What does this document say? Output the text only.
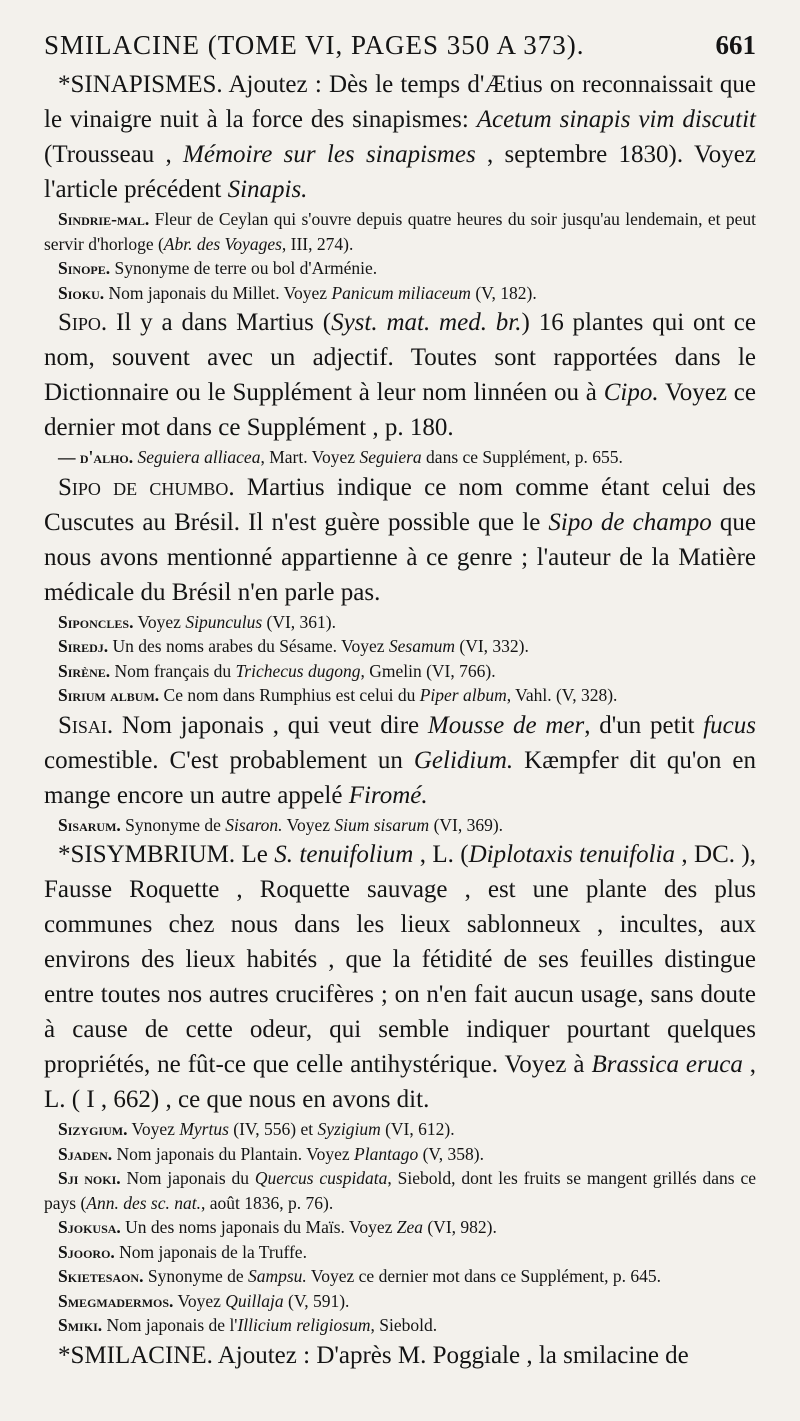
SMILACINE (TOME VI, PAGES 350 A 373).	661

*SINAPISMES. Ajoutez : Dès le temps d'Ætius on reconnaissait que le vinaigre nuit à la force des sinapismes: Acetum sinapis vim discutit (Trousseau , Mémoire sur les sinapismes , septembre 1830). Voyez l'article précédent Sinapis.

Sindrie-mal. Fleur de Ceylan qui s'ouvre depuis quatre heures du soir jusqu'au lendemain, et peut servir d'horloge (Abr. des Voyages, III, 274).

Sinope. Synonyme de terre ou bol d'Arménie.

Sioku. Nom japonais du Millet. Voyez Panicum miliaceum (V, 182).

Sipo. Il y a dans Martius (Syst. mat. med. br.) 16 plantes qui ont ce nom, souvent avec un adjectif. Toutes sont rapportées dans le Dictionnaire ou le Supplément à leur nom linnéen ou à Cipo. Voyez ce dernier mot dans ce Supplément , p. 180.

— d'alho. Seguiera alliacea, Mart. Voyez Seguiera dans ce Supplément, p. 655.

Sipo de chumbo. Martius indique ce nom comme étant celui des Cuscutes au Brésil. Il n'est guère possible que le Sipo de champo que nous avons mentionné appartienne à ce genre ; l'auteur de la Matière médicale du Brésil n'en parle pas.

Siponcles. Voyez Sipunculus (VI, 361).

Siredj. Un des noms arabes du Sésame. Voyez Sesamum (VI, 332).

Sirène. Nom français du Trichecus dugong, Gmelin (VI, 766).

Sirium album. Ce nom dans Rumphius est celui du Piper album, Vahl. (V, 328).

Sisai. Nom japonais , qui veut dire Mousse de mer, d'un petit fucus comestible. C'est probablement un Gelidium. Kæmpfer dit qu'on en mange encore un autre appelé Firomé.

Sisarum. Synonyme de Sisaron. Voyez Sium sisarum (VI, 369).

*SISYMBRIUM. Le S. tenuifolium , L. (Diplotaxis tenuifolia , DC. ), Fausse Roquette , Roquette sauvage , est une plante des plus communes chez nous dans les lieux sablonneux , incultes, aux environs des lieux habités , que la fétidité de ses feuilles distingue entre toutes nos autres crucifères ; on n'en fait aucun usage, sans doute à cause de cette odeur, qui semble indiquer pourtant quelques propriétés, ne fût-ce que celle antihystérique. Voyez à Brassica eruca , L. ( I , 662) , ce que nous en avons dit.

Sizygium. Voyez Myrtus (IV, 556) et Syzigium (VI, 612).

Sjaden. Nom japonais du Plantain. Voyez Plantago (V, 358).

Sji noki. Nom japonais du Quercus cuspidata, Siebold, dont les fruits se mangent grillés dans ce pays (Ann. des sc. nat., août 1836, p. 76).

Sjokusa. Un des noms japonais du Maïs. Voyez Zea (VI, 982).

Sjooro. Nom japonais de la Truffe.

Skietesaon. Synonyme de Sampsu. Voyez ce dernier mot dans ce Supplément, p. 645.

Smegmadermos. Voyez Quillaja (V, 591).

Smiki. Nom japonais de l'Illicium religiosum, Siebold.

*SMILACINE. Ajoutez : D'après M. Poggiale , la smilacine de
